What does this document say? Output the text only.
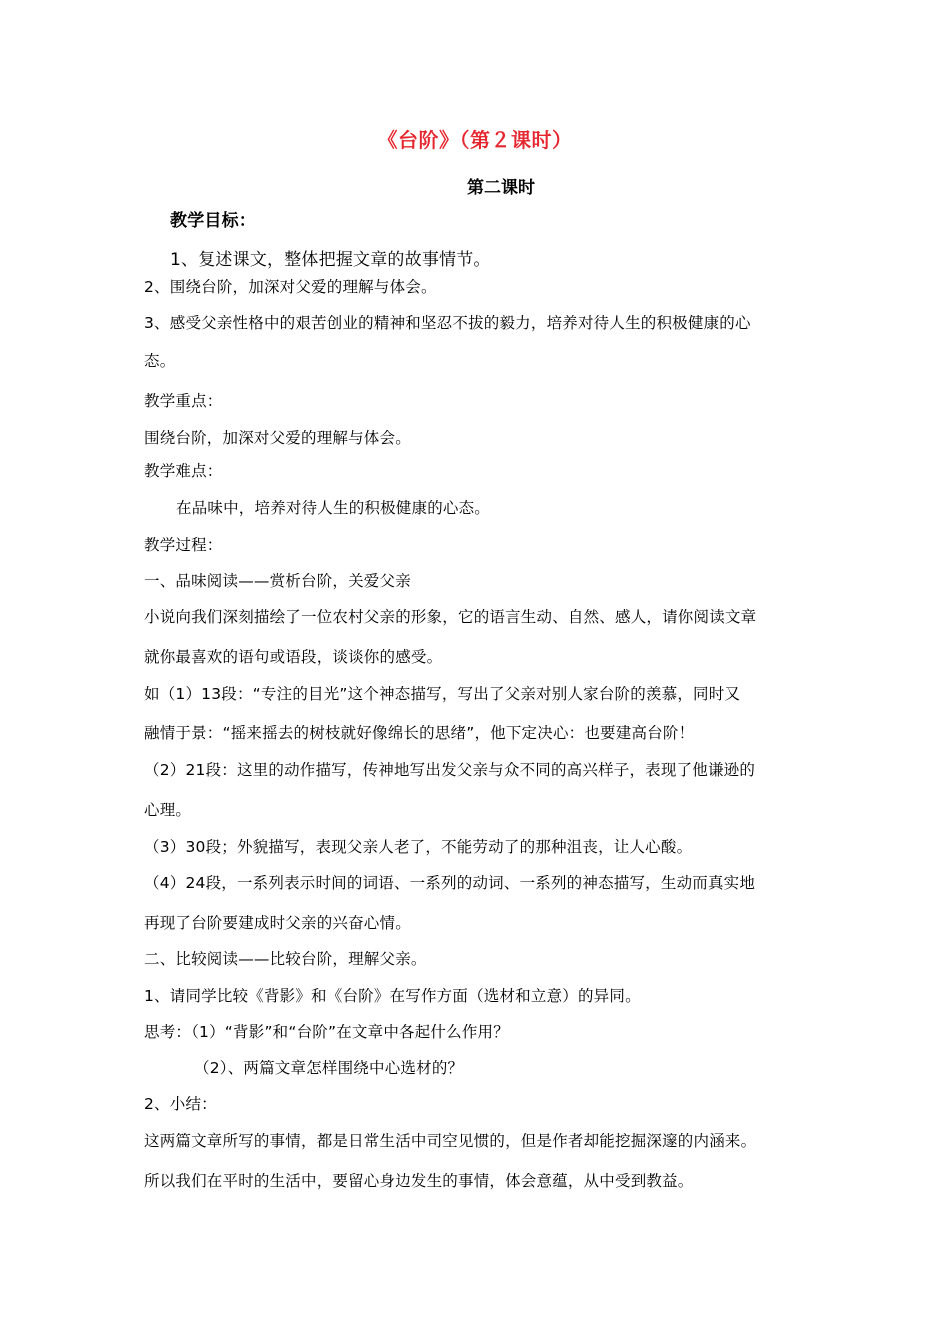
《台阶》（第２课时）
第二课时
教学目标：
1、复述课文，整体把握文章的故事情节。
2、围绕台阶，加深对父爱的理解与体会。
3、感受父亲性格中的艰苦创业的精神和坚忍不拔的毅力，培养对待人生的积极健康的心
态。
教学重点：
围绕台阶，加深对父爱的理解与体会。
教学难点：
在品味中，培养对待人生的积极健康的心态。
教学过程：
一、品味阅读——赏析台阶，关爱父亲
小说向我们深刻描绘了一位农村父亲的形象，它的语言生动、自然、感人，请你阅读文章
就你最喜欢的语句或语段，谈谈你的感受。
如（1）13段：“专注的目光”这个神态描写，写出了父亲对别人家台阶的羡慕，同时又
融情于景：“摇来摇去的树枝就好像绵长的思绪”，他下定决心：也要建高台阶！
（2）21段：这里的动作描写，传神地写出发父亲与众不同的高兴样子，表现了他谦逊的
心理。
（3）30段；外貌描写，表现父亲人老了，不能劳动了的那种沮丧，让人心酸。
（4）24段，一系列表示时间的词语、一系列的动词、一系列的神态描写，生动而真实地
再现了台阶要建成时父亲的兴奋心情。
二、比较阅读——比较台阶，理解父亲。
1、请同学比较《背影》和《台阶》在写作方面（选材和立意）的异同。
思考：（1）“背影”和“台阶”在文章中各起什么作用？
（2）、两篇文章怎样围绕中心选材的？
2、小结：
这两篇文章所写的事情，都是日常生活中司空见惯的，但是作者却能挖掘深邃的内涵来。
所以我们在平时的生活中，要留心身边发生的事情，体会意蕴，从中受到教益。
